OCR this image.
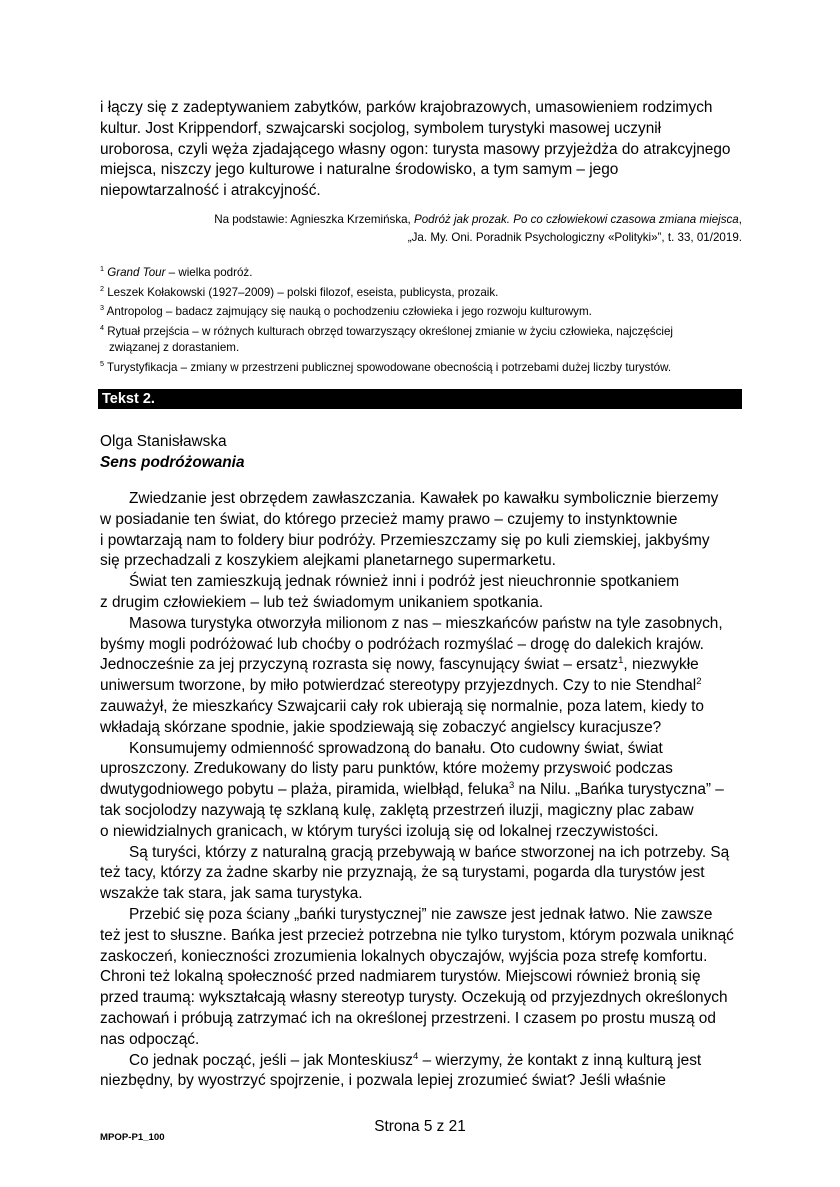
i łączy się z zadeptywaniem zabytków, parków krajobrazowych, umasowieniem rodzimych

kultur. Jost Krippendorf, szwajcarski socjolog, symbolem turystyki masowej uczynił

uroborosa, czyli węża zjadającego własny ogon: turysta masowy przyjeżdża do atrakcyjnego

miejsca, niszczy jego kulturowe i naturalne środowisko, a tym samym – jego

niepowtarzalność i atrakcyjność.

Na podstawie: Agnieszka Krzemińska, Podróż jak prozak. Po co człowiekowi czasowa zmiana miejsca,

„Ja. My. Oni. Poradnik Psychologiczny «Polityki»”, t. 33, 01/2019.

$^1$ Grand Tour – wielka podróż.

$^2$ Leszek Kołakowski (1927–2009) – polski filozof, eseista, publicysta, prozaik.

$^3$ Antropolog – badacz zajmujący się nauką o pochodzeniu człowieka i jego rozwoju kulturowym.

$^4$ Rytuał przejścia – w różnych kulturach obrzęd towarzyszący określonej zmianie w życiu człowieka, najczęściej
związanej z dorastaniem.

$^5$ Turystyfikacja – zmiany w przestrzeni publicznej spowodowane obecnością i potrzebami dużej liczby turystów.

Tekst 2.
Olga Stanisławska
Sens podróżowania

Zwiedzanie jest obrzędem zawłaszczania. Kawałek po kawałku symbolicznie bierzemy

w posiadanie ten świat, do którego przecież mamy prawo – czujemy to instynktownie

i powtarzają nam to foldery biur podróży. Przemieszczamy się po kuli ziemskiej, jakbyśmy

się przechadzali z koszykiem alejkami planetarnego supermarketu.

Świat ten zamieszkują jednak również inni i podróż jest nieuchronnie spotkaniem

z drugim człowiekiem – lub też świadomym unikaniem spotkania.

Masowa turystyka otworzyła milionom z nas – mieszkańców państw na tyle zasobnych,

byśmy mogli podróżować lub choćby o podróżach rozmyślać – drogę do dalekich krajów.

Jednocześnie za jej przyczyną rozrasta się nowy, fascynujący świat – ersatz$^1$, niezwykłe

uniwersum tworzone, by miło potwierdzać stereotypy przyjezdnych. Czy to nie Stendhal$^2$

zauważył, że mieszkańcy Szwajcarii cały rok ubierają się normalnie, poza latem, kiedy to

wkładają skórzane spodnie, jakie spodziewają się zobaczyć angielscy kuracjusze?

Konsumujemy odmienność sprowadzoną do banału. Oto cudowny świat, świat

uproszczony. Zredukowany do listy paru punktów, które możemy przyswoić podczas

dwutygodniowego pobytu – plaża, piramida, wielbłąd, feluka$^3$ na Nilu. „Bańka turystyczna” –

tak socjolodzy nazywają tę szklaną kulę, zaklętą przestrzeń iluzji, magiczny plac zabaw

o niewidzialnych granicach, w którym turyści izolują się od lokalnej rzeczywistości.

Są turyści, którzy z naturalną gracją przebywają w bańce stworzonej na ich potrzeby. Są

też tacy, którzy za żadne skarby nie przyznają, że są turystami, pogarda dla turystów jest

wszakże tak stara, jak sama turystyka.

Przebić się poza ściany „bańki turystycznej” nie zawsze jest jednak łatwo. Nie zawsze

też jest to słuszne. Bańka jest przecież potrzebna nie tylko turystom, którym pozwala uniknąć

zaskoczeń, konieczności zrozumienia lokalnych obyczajów, wyjścia poza strefę komfortu.

Chroni też lokalną społeczność przed nadmiarem turystów. Miejscowi również bronią się

przed traumą: wykształcają własny stereotyp turysty. Oczekują od przyjezdnych określonych

zachowań i próbują zatrzymać ich na określonej przestrzeni. I czasem po prostu muszą od

nas odpocząć.

Co jednak począć, jeśli – jak Monteskiusz$^4$ – wierzymy, że kontakt z inną kulturą jest

niezbędny, by wyostrzyć spojrzenie, i pozwala lepiej zrozumieć świat? Jeśli właśnie

Strona 5 z 21
MPOP-P1_100
